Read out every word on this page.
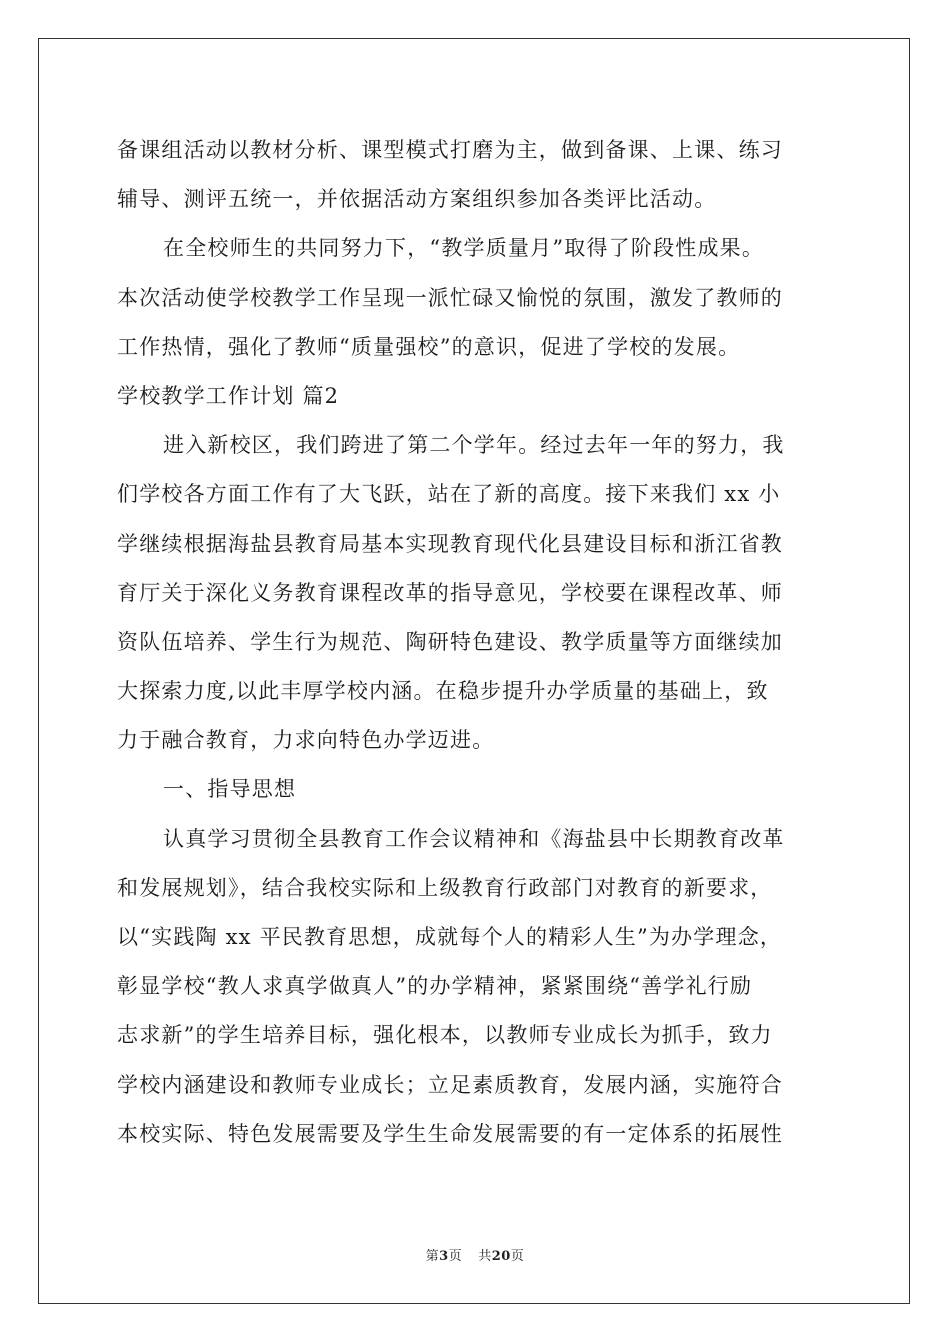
备课组活动以教材分析、课型模式打磨为主，做到备课、上课、练习
辅导、测评五统一，并依据活动方案组织参加各类评比活动。
在全校师生的共同努力下，“教学质量月”取得了阶段性成果。
本次活动使学校教学工作呈现一派忙碌又愉悦的氛围，激发了教师的
工作热情，强化了教师“质量强校”的意识，促进了学校的发展。
学校教学工作计划 篇2
进入新校区，我们跨进了第二个学年。经过去年一年的努力，我
们学校各方面工作有了大飞跃，站在了新的高度。接下来我们 xx 小
学继续根据海盐县教育局基本实现教育现代化县建设目标和浙江省教
育厅关于深化义务教育课程改革的指导意见，学校要在课程改革、师
资队伍培养、学生行为规范、陶研特色建设、教学质量等方面继续加
大探索力度,以此丰厚学校内涵。在稳步提升办学质量的基础上，致
力于融合教育，力求向特色办学迈进。
一、指导思想
认真学习贯彻全县教育工作会议精神和《海盐县中长期教育改革
和发展规划》，结合我校实际和上级教育行政部门对教育的新要求，
以“实践陶 xx 平民教育思想，成就每个人的精彩人生”为办学理念，
彰显学校“教人求真学做真人”的办学精神，紧紧围绕“善学礼行励
志求新”的学生培养目标，强化根本，以教师专业成长为抓手，致力
学校内涵建设和教师专业成长；立足素质教育，发展内涵，实施符合
本校实际、特色发展需要及学生生命发展需要的有一定体系的拓展性
第3页 共20页
